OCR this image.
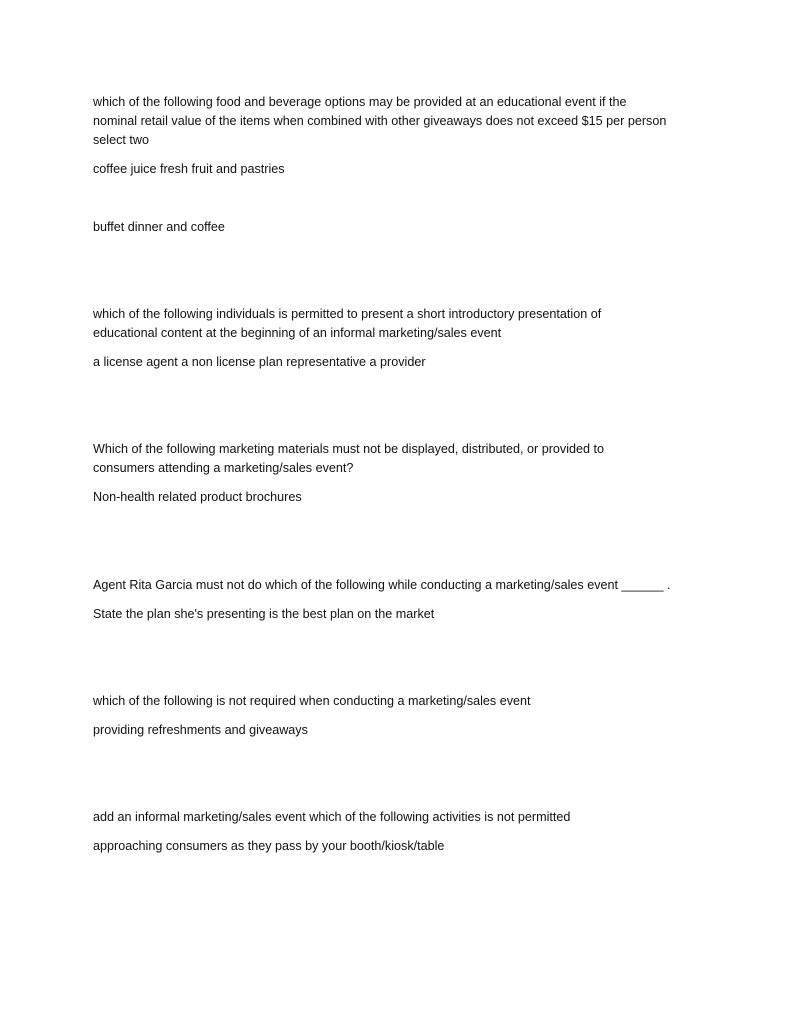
which of the following food and beverage options may be provided at an educational event if the

nominal retail value of the items when combined with other giveaways does not exceed $15 per person

select two

coffee juice fresh fruit and pastries

buffet dinner and coffee

which of the following individuals is permitted to present a short introductory presentation of

educational content at the beginning of an informal marketing/sales event

a license agent a non license plan representative a provider

Which of the following marketing materials must not be displayed, distributed, or provided to

consumers attending a marketing/sales event?

Non-health related product brochures

Agent Rita Garcia must not do which of the following while conducting a marketing/sales event ______ .

State the plan she's presenting is the best plan on the market

which of the following is not required when conducting a marketing/sales event

providing refreshments and giveaways

add an informal marketing/sales event which of the following activities is not permitted

approaching consumers as they pass by your booth/kiosk/table
